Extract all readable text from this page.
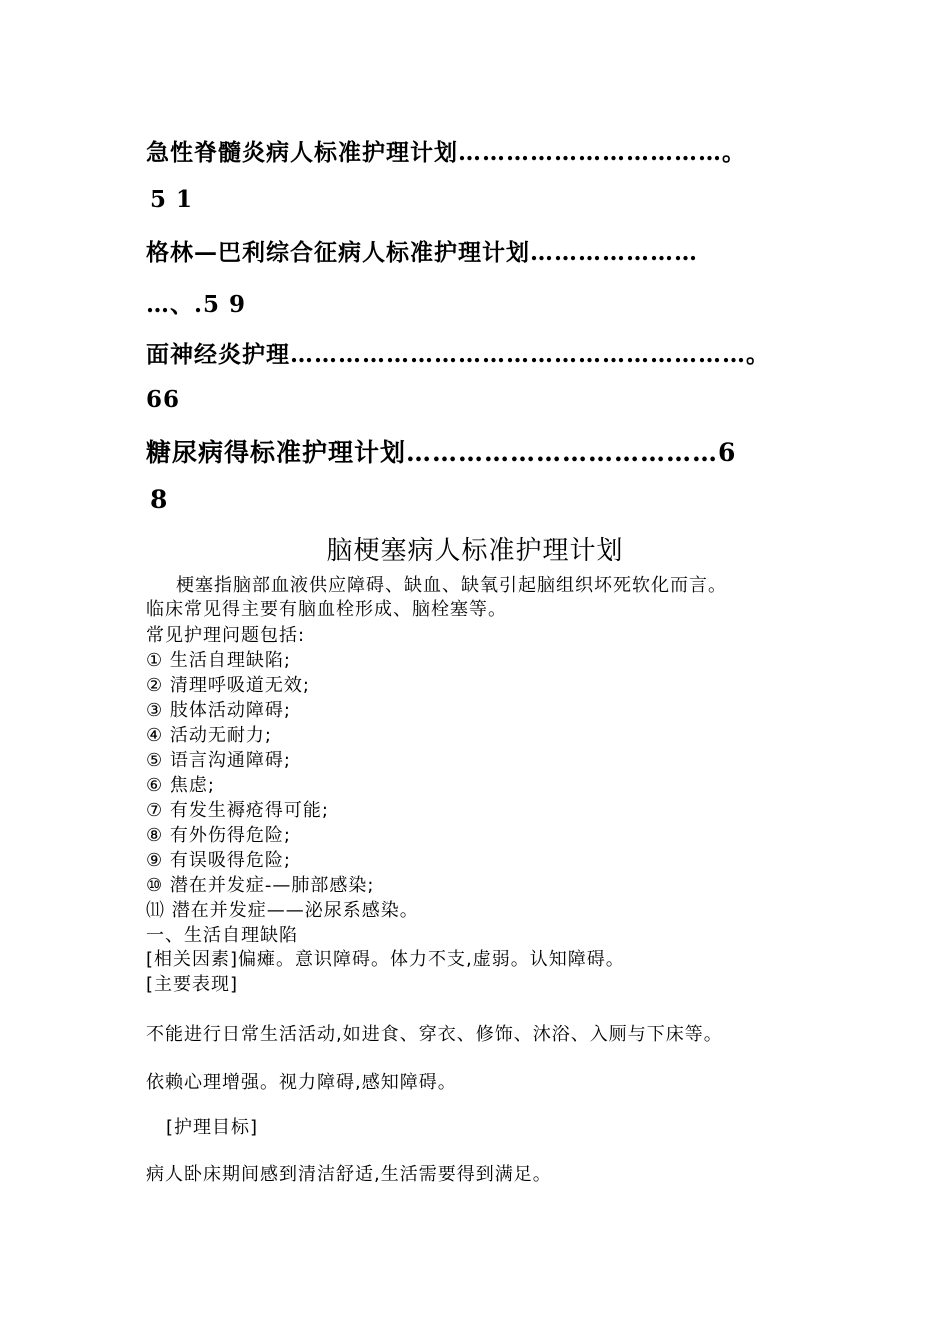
急性脊髓炎病人标准护理计划……………………………。
5 1
格林—巴利综合征病人标准护理计划…………………
…、.5 9
面神经炎护理…………………………………………………。
66
糖尿病得标准护理计划………………………………6
8
脑梗塞病人标准护理计划
梗塞指脑部血液供应障碍、缺血、缺氧引起脑组织坏死软化而言。
临床常见得主要有脑血栓形成、脑栓塞等。
常见护理问题包括:
① 生活自理缺陷;
② 清理呼吸道无效;
③ 肢体活动障碍;
④ 活动无耐力;
⑤ 语言沟通障碍;
⑥ 焦虑;
⑦ 有发生褥疮得可能;
⑧ 有外伤得危险;
⑨ 有误吸得危险;
⑩ 潜在并发症-—肺部感染;
⑾ 潜在并发症——泌尿系感染。
一、生活自理缺陷
[相关因素]偏瘫。意识障碍。体力不支,虚弱。认知障碍。
[主要表现]
不能进行日常生活活动,如进食、穿衣、修饰、沐浴、入厕与下床等。
依赖心理增强。视力障碍,感知障碍。
[护理目标]
病人卧床期间感到清洁舒适,生活需要得到满足。
